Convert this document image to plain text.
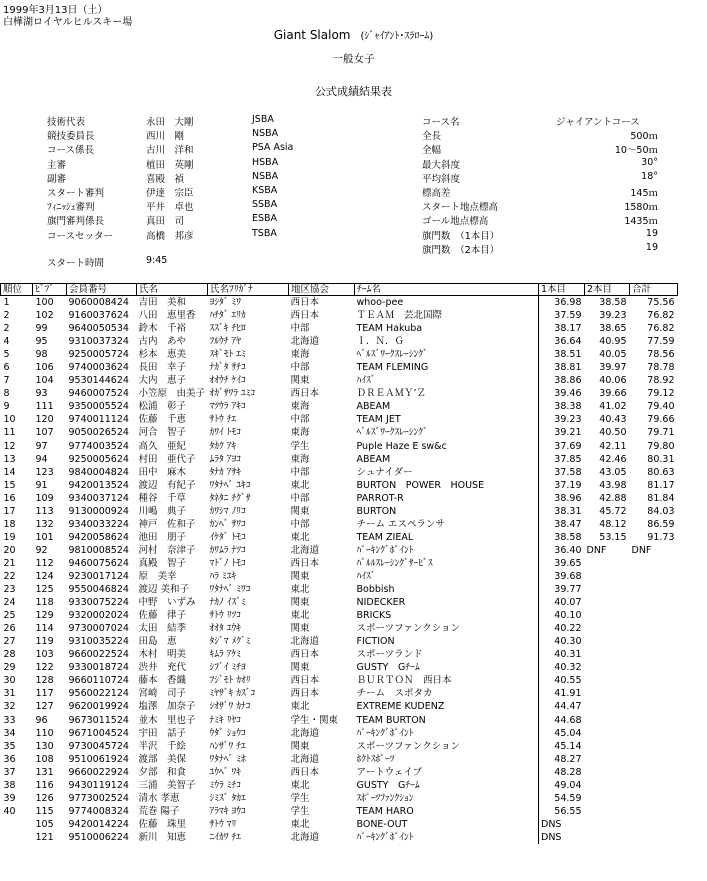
1999年3月13日（土）
白樺湖ロイヤルヒルスキー場
Giant Slalom (ｼﾞｬｲｱﾝﾄ･ｽﾗﾛｰﾑ)
一般女子
公式成績結果表
技術代表	永田　大剛	JSBA
競技委員長	西川　剛	NSBA
コース係長	古川　洋和	PSA Asia
主審	植田　英剛	HSBA
副審	喜殿　禎	NSBA
スタート審判	伊達　宗臣	KSBA
ﾌｨﾆｯｼｭ審判	平井　卓也	SSBA
旗門審判係長	真田　司	ESBA
コースセッター	高橋　邦彦	TSBA
コース名	ジャイアントコース
全長	500ｍ
全幅	10～50ｍ
最大斜度	30°
平均斜度	18°
標高差	145ｍ
スタート地点標高	1580ｍ
ゴール地点標高	1435ｍ
旗門数　（1本目）	19
旗門数　（2本目）	19
スタート時間	9:45
順位	ﾋﾞﾌﾞ	会員番号	氏名	氏名ﾌﾘｶﾞﾅ	地区協会	ﾁｰﾑ名	1本目	2本目	合計
1	100	9060008424	吉田　美和	ﾖｼﾀﾞ ﾐﾜ	西日本	whoo-pee	36.98	38.58	75.56
2	102	9160037624	八田　恵里香	ﾊﾁﾀﾞ ｴﾘｶ	西日本	ＴＥＡＭ　芸北国際	37.59	39.23	76.82
2	99	9640050534	鈴木　千裕	ｽｽﾞｷ ﾁﾋﾛ	中部	TEAM Hakuba	38.17	38.65	76.82
4	95	9310037324	古内　あや	ﾌﾙｳﾁ ｱﾔ	北海道	Ｉ．Ｎ．Ｇ	36.64	40.95	77.59
5	98	9250005724	杉本　恵美	ｽｷﾞﾓﾄ ｴﾐ	東海	ﾍﾞﾙｽﾞﾜｰｸｽﾚｰｼﾝｸﾞ	38.51	40.05	78.56
6	106	9740003624	長田　幸子	ﾅｶﾞﾀ ｻﾁｺ	中部	TEAM FLEMING	38.81	39.97	78.78
7	104	9530144624	大内　恵子	ｵｵｳﾁ ｹｲｺ	関東	ﾊｲｽﾞ	38.86	40.06	78.92
8	93	9460007524	小笠原　由美子	ｵｶﾞｻﾜﾗ ﾕﾐｺ	西日本	ＤＲＥＡＭＹ’Ｚ	39.46	39.66	79.12
9	111	9350005524	松浦　彰子	ﾏﾂｳﾗ ｱｷｺ	東海	ABEAM	38.38	41.02	79.40
10	120	9740011124	佐藤　千恵	ｻﾄｳ ﾁｴ	中部	TEAM JET	39.23	40.43	79.66
11	107	9050026524	河合　智子	ｶﾜｲ ﾄﾓｺ	東海	ﾍﾞﾙｽﾞﾜｰｸｽﾚｰｼﾝｸﾞ	39.21	40.50	79.71
12	97	9774003524	高久　亜紀	ﾀｶｸ ｱｷ	学生	Puple Haze E sw&c	37.69	42.11	79.80
13	94	9250005624	村田　亜代子	ﾑﾗﾀ ｱﾖｺ	東海	ABEAM	37.85	42.46	80.31
14	123	9840004824	田中　麻木	ﾀﾅｶ ｱｻｷ	中部	シュナイダー	37.58	43.05	80.63
15	91	9420013524	渡辺　有紀子	ﾜﾀﾅﾍﾞ ﾕｷｺ	東北	BURTON　POWER　HOUSE	37.19	43.98	81.17
16	109	9340037124	種谷　千草	ﾀﾈﾀﾆ ﾁｸﾞｻ	中部	PARROT-R	38.96	42.88	81.84
17	113	9130000924	川嶋　典子	ｶﾜｼﾏ ﾉﾘｺ	関東	BURTON	38.31	45.72	84.03
18	132	9340033224	神戸　佐和子	ｶﾝﾍﾞ ｻﾜｺ	中部	チーム エスペランサ	38.47	48.12	86.59
19	101	9420058624	池田　朋子	ｲｹﾀﾞ ﾄﾓｺ	東北	TEAM ZIEAL	38.58	53.15	91.73
20	92	9810008524	河村　奈津子	ｶﾜﾑﾗ ﾅﾂｺ	北海道	ﾊﾟｰｷﾝｸﾞﾎﾟｲﾝﾄ	36.40	DNF	DNF
21	112	9460075624	真殿　智子	ﾏﾄﾞﾉ ﾄﾓｺ	西日本	ﾊﾞﾙﾙｽﾚｰｼﾝｸﾞｻｰﾋﾞｽ	39.65		
22	124	9230017124	原　美幸	ﾊﾗ ﾐﾕｷ	関東	ﾊｲｽﾞ	39.68		
23	125	9550046824	渡辺 美和子	ﾜﾀﾅﾍﾞ ﾐﾜｺ	東北	Bobbish	39.77		
24	118	9330075224	中野　いずみ	ﾅｶﾉ ｲｽﾞﾐ	関東	NIDECKER	40.07		
25	129	9320002024	佐藤　律子	ｻﾄｳ ﾘﾂｺ	東北	BRICKS	40.10		
26	114	9730007024	太田　結季	ｵｵﾀ ﾕｳｷ	関東	スポーツファンクション	40.22		
27	119	9310035224	田島　恵	ﾀｼﾞﾏ ﾒｸﾞﾐ	北海道	FICTION	40.30		
28	103	9660022524	木村　明美	ｷﾑﾗ ｱｹﾐ	西日本	スポーツランド	40.31		
29	122	9330018724	渋井　充代	ｼﾌﾞｲ ﾐﾁﾖ	関東	GUSTY　Gﾁｰﾑ	40.32		
30	128	9660110724	藤本　香織	ﾌｼﾞﾓﾄ ｶｵﾘ	西日本	ＢＵＲＴＯＮ　西日本	40.55		
31	117	9560022124	宮崎　司子	ﾐﾔｻﾞｷ ｶｽﾞｺ	西日本	チーム　スポタカ	41.91		
32	127	9620019924	塩澤　加奈子	ｼｵｻﾞﾜ ｶﾅｺ	東北	EXTREME KUDENZ	44.47		
33	96	9673011524	並木　里也子	ﾅﾐｷ ﾘﾔｺ	学生・関東	TEAM BURTON	44.68		
34	110	9671004524	宇田　話子	ｳﾀﾞ ｼｮｳｺ	北海道	ﾊﾟｰｷﾝｸﾞﾎﾟｲﾝﾄ	45.04		
35	130	9730045724	半沢　千絵	ﾊﾝｻﾞﾜ ﾁｴ	関東	スポーツファンクション	45.14		
36	108	9510061924	渡部　美保	ﾜﾀﾅﾍﾞ ﾐﾎ	北海道	ﾎｸﾄｽﾎﾟｰﾂ	48.27		
37	131	9660022924	夕部　和食	ﾕｳﾍﾞ ﾜｷ	西日本	アートウェイブ	48.28		
38	116	9430119124	三浦　美智子	ﾐｳﾗ ﾐﾁｺ	東北	GUSTY　Gﾁｰﾑ	49.04		
39	126	9773002524	清水 孝恵	ｼﾐｽﾞ ﾀｶｴ	学生	ｽﾎﾟｰﾂﾌｧﾝｸｼｮﾝ	54.59		
40	115	9774008324	荒巻 陽子	ｱﾗﾏｷ ﾖｳｺ	学生	TEAM HARO	56.55		
	105	9420014224	佐藤　珠里	ｻﾄｳ ﾏﾘ	東北	BONE-OUT	DNS		
	121	9510006224	新川　知恵	ﾆｲｶﾜ ﾁｴ	北海道	ﾊﾟｰｷﾝｸﾞﾎﾟｲﾝﾄ	DNS		
